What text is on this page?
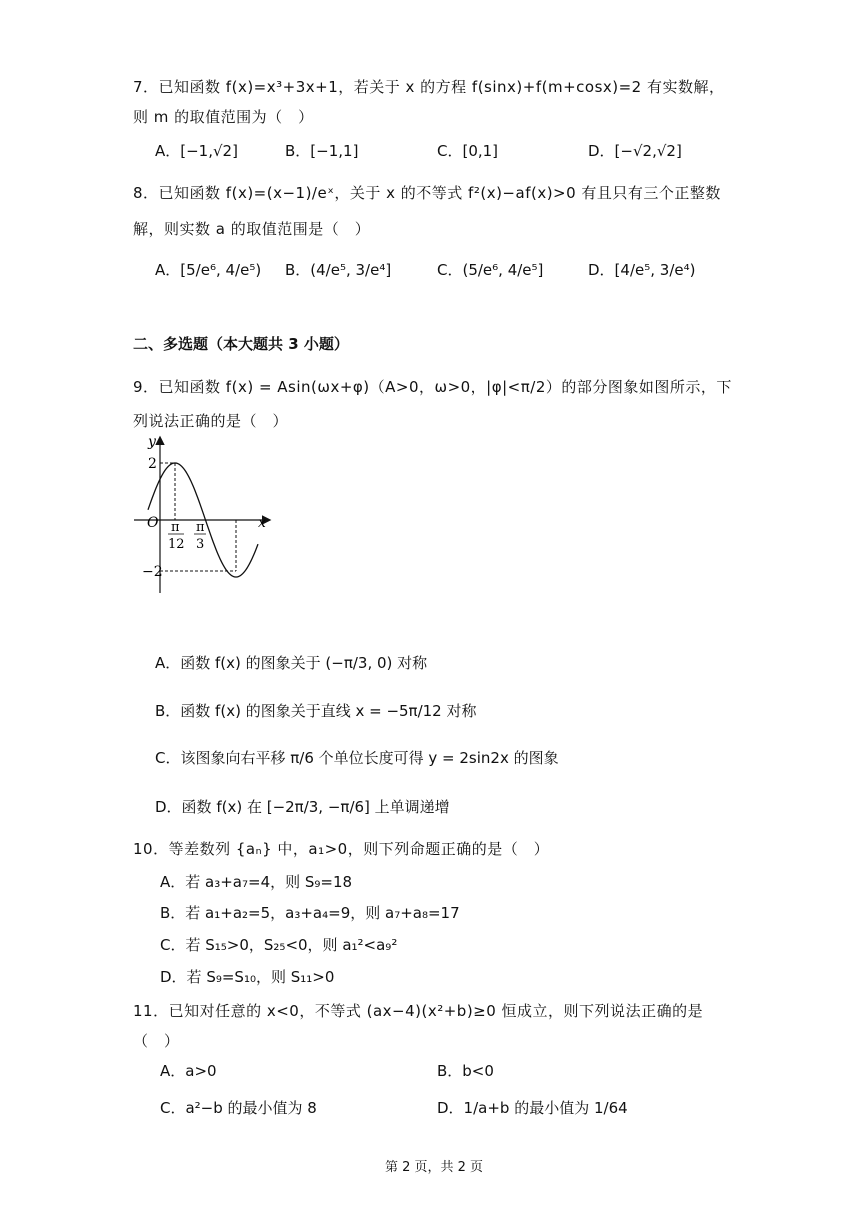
7．已知函数 f(x)=x³+3x+1，若关于 x 的方程 f(sinx)+f(m+cosx)=2 有实数解，
则 m 的取值范围为（　）
A．[−1,√2]	B．[−1,1]	C．[0,1]	D．[−√2,√2]
8．已知函数 f(x)=(x−1)/eˣ，关于 x 的不等式 f²(x)−af(x)>0 有且只有三个正整数
解，则实数 a 的取值范围是（　）
A．[5/e⁶, 4/e⁵) B．(4/e⁵, 3/e⁴]	C．(5/e⁶, 4/e⁵]	D．[4/e⁵, 3/e⁴)
二、多选题（本大题共 3 小题）
9．已知函数 f(x) = Asin(ωx+φ)（A>0，ω>0，|φ|<π/2）的部分图象如图所示，下
列说法正确的是（　）
y
x
O
2
−2
π
12
π
3
A．函数 f(x) 的图象关于 (−π/3, 0) 对称
B．函数 f(x) 的图象关于直线 x = −5π/12 对称
C．该图象向右平移 π/6 个单位长度可得 y = 2sin2x 的图象
D．函数 f(x) 在 [−2π/3, −π/6] 上单调递增
10．等差数列 {aₙ} 中，a₁>0，则下列命题正确的是（　）
A．若 a₃+a₇=4，则 S₉=18
B．若 a₁+a₂=5，a₃+a₄=9，则 a₇+a₈=17
C．若 S₁₅>0，S₂₅<0，则 a₁²<a₉²
D．若 S₉=S₁₀，则 S₁₁>0
11．已知对任意的 x<0，不等式 (ax−4)(x²+b)≥0 恒成立，则下列说法正确的是
（　）
A．a>0	B．b<0
C．a²−b 的最小值为 8	D．1/a+b 的最小值为 1/64
第 2 页，共 2 页
